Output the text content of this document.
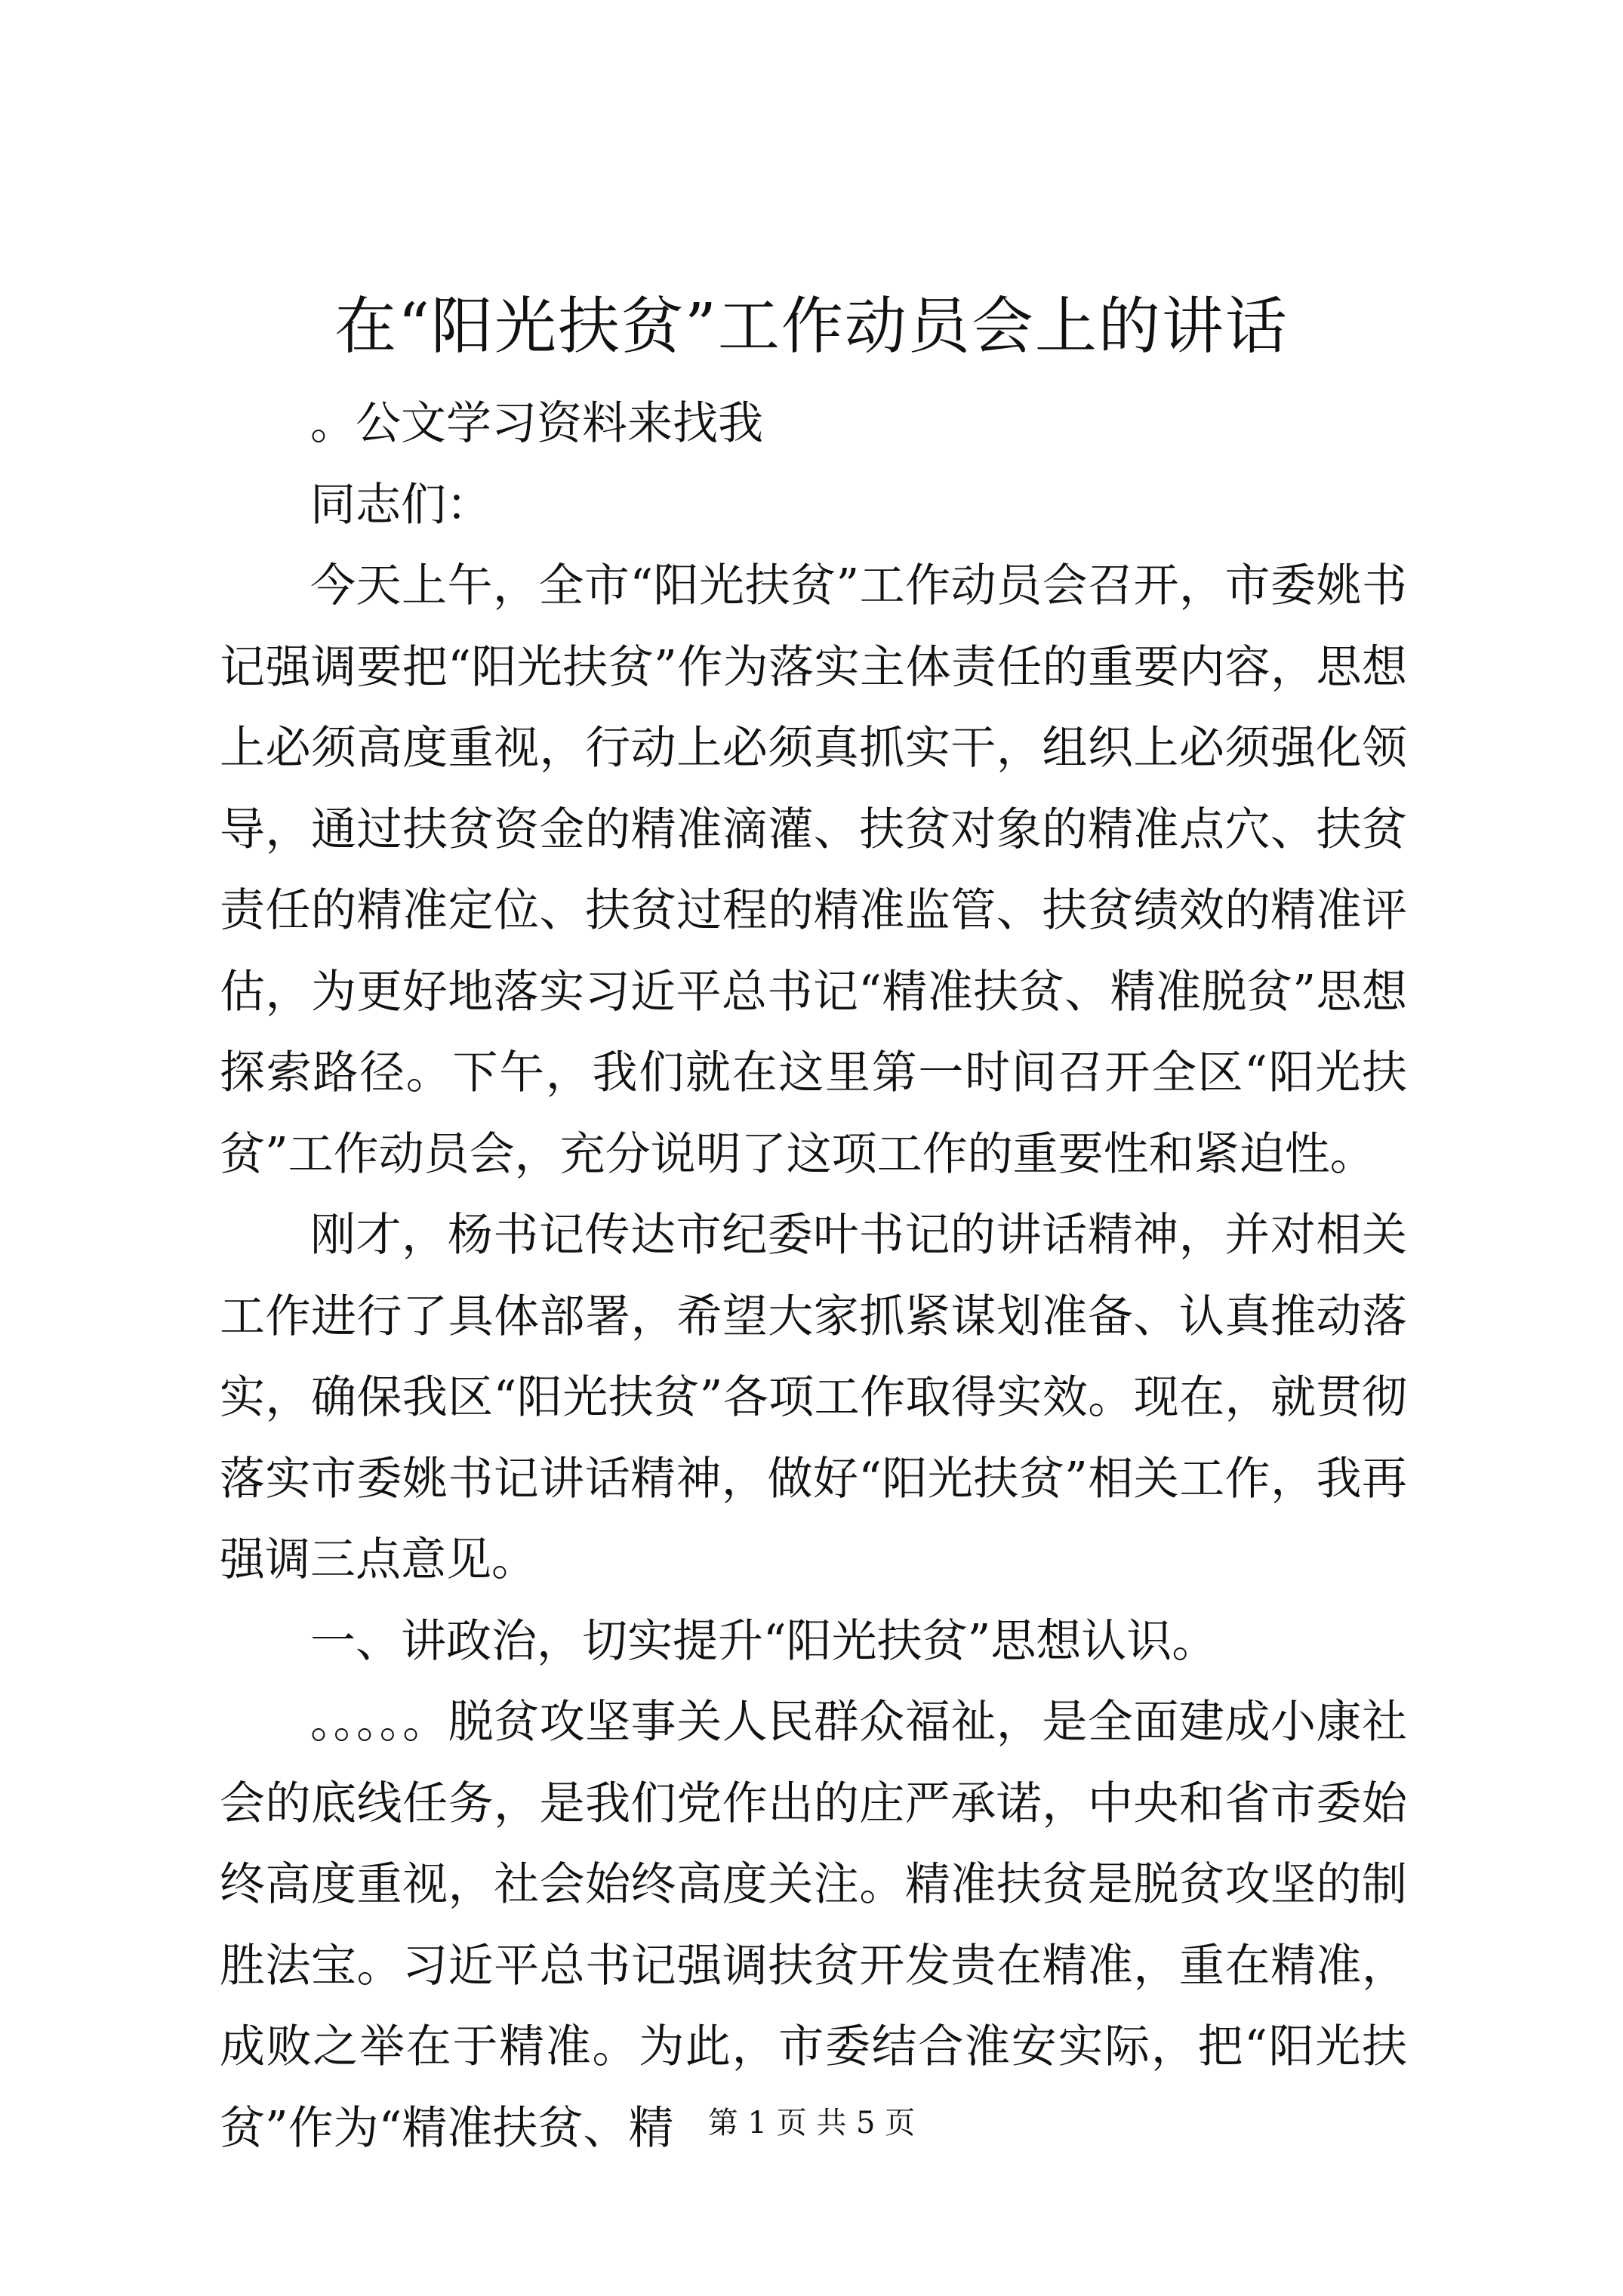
在“阳光扶贫”工作动员会上的讲话

。公文学习资料来找我

同志们：

今天上午，全市“阳光扶贫”工作动员会召开，市委姚书记强调要把“阳光扶贫”作为落实主体责任的重要内容，思想上必须高度重视，行动上必须真抓实干，组织上必须强化领导，通过扶贫资金的精准滴灌、扶贫对象的精准点穴、扶贫责任的精准定位、扶贫过程的精准监管、扶贫绩效的精准评估，为更好地落实习近平总书记“精准扶贫、精准脱贫”思想探索路径。下午，我们就在这里第一时间召开全区“阳光扶贫”工作动员会，充分说明了这项工作的重要性和紧迫性。

刚才，杨书记传达市纪委叶书记的讲话精神，并对相关工作进行了具体部署，希望大家抓紧谋划准备、认真推动落实，确保我区“阳光扶贫”各项工作取得实效。现在，就贯彻落实市委姚书记讲话精神，做好“阳光扶贫”相关工作，我再强调三点意见。

一、讲政治，切实提升“阳光扶贫”思想认识。

。。。。。脱贫攻坚事关人民群众福祉，是全面建成小康社会的底线任务，是我们党作出的庄严承诺，中央和省市委始终高度重视，社会始终高度关注。精准扶贫是脱贫攻坚的制胜法宝。习近平总书记强调扶贫开发贵在精准，重在精准，成败之举在于精准。为此，市委结合淮安实际，把“阳光扶贫”作为“精准扶贫、精	第 1 页 共 5 页
